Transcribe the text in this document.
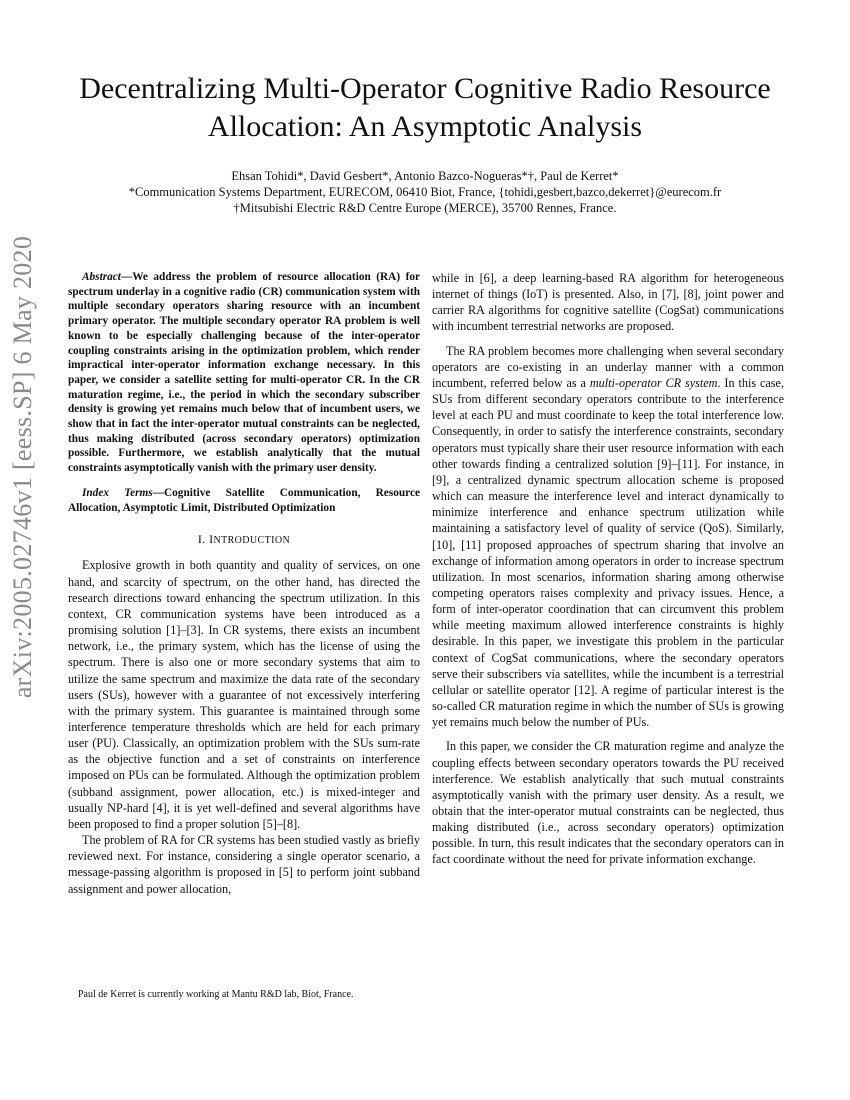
arXiv:2005.02746v1 [eess.SP] 6 May 2020
Decentralizing Multi-Operator Cognitive Radio Resource Allocation: An Asymptotic Analysis
Ehsan Tohidi*, David Gesbert*, Antonio Bazco-Nogueras*†, Paul de Kerret*
*Communication Systems Department, EURECOM, 06410 Biot, France, {tohidi,gesbert,bazco,dekerret}@eurecom.fr
†Mitsubishi Electric R&D Centre Europe (MERCE), 35700 Rennes, France.

Abstract—We address the problem of resource allocation (RA) for spectrum underlay in a cognitive radio (CR) communication system with multiple secondary operators sharing resource with an incumbent primary operator. The multiple secondary operator RA problem is well known to be especially challenging because of the inter-operator coupling constraints arising in the optimization problem, which render impractical inter-operator information exchange necessary. In this paper, we consider a satellite setting for multi-operator CR. In the CR maturation regime, i.e., the period in which the secondary subscriber density is growing yet remains much below that of incumbent users, we show that in fact the inter-operator mutual constraints can be neglected, thus making distributed (across secondary operators) optimization possible. Furthermore, we establish analytically that the mutual constraints asymptotically vanish with the primary user density.

Index Terms—Cognitive Satellite Communication, Resource Allocation, Asymptotic Limit, Distributed Optimization

I. INTRODUCTION

Explosive growth in both quantity and quality of services, on one hand, and scarcity of spectrum, on the other hand, has directed the research directions toward enhancing the spectrum utilization. In this context, CR communication systems have been introduced as a promising solution [1]–[3]. In CR systems, there exists an incumbent network, i.e., the primary system, which has the license of using the spectrum. There is also one or more secondary systems that aim to utilize the same spectrum and maximize the data rate of the secondary users (SUs), however with a guarantee of not excessively interfering with the primary system. This guarantee is maintained through some interference temperature thresholds which are held for each primary user (PU). Classically, an optimization problem with the SUs sum-rate as the objective function and a set of constraints on interference imposed on PUs can be formulated. Although the optimization problem (subband assignment, power allocation, etc.) is mixed-integer and usually NP-hard [4], it is yet well-defined and several algorithms have been proposed to find a proper solution [5]–[8].

The problem of RA for CR systems has been studied vastly as briefly reviewed next. For instance, considering a single operator scenario, a message-passing algorithm is proposed in [5] to perform joint subband assignment and power allocation,

while in [6], a deep learning-based RA algorithm for heterogeneous internet of things (IoT) is presented. Also, in [7], [8], joint power and carrier RA algorithms for cognitive satellite (CogSat) communications with incumbent terrestrial networks are proposed.

The RA problem becomes more challenging when several secondary operators are co-existing in an underlay manner with a common incumbent, referred below as a multi-operator CR system. In this case, SUs from different secondary operators contribute to the interference level at each PU and must coordinate to keep the total interference low. Consequently, in order to satisfy the interference constraints, secondary operators must typically share their user resource information with each other towards finding a centralized solution [9]–[11]. For instance, in [9], a centralized dynamic spectrum allocation scheme is proposed which can measure the interference level and interact dynamically to minimize interference and enhance spectrum utilization while maintaining a satisfactory level of quality of service (QoS). Similarly, [10], [11] proposed approaches of spectrum sharing that involve an exchange of information among operators in order to increase spectrum utilization. In most scenarios, information sharing among otherwise competing operators raises complexity and privacy issues. Hence, a form of inter-operator coordination that can circumvent this problem while meeting maximum allowed interference constraints is highly desirable. In this paper, we investigate this problem in the particular context of CogSat communications, where the secondary operators serve their subscribers via satellites, while the incumbent is a terrestrial cellular or satellite operator [12]. A regime of particular interest is the so-called CR maturation regime in which the number of SUs is growing yet remains much below the number of PUs.

In this paper, we consider the CR maturation regime and analyze the coupling effects between secondary operators towards the PU received interference. We establish analytically that such mutual constraints asymptotically vanish with the primary user density. As a result, we obtain that the inter-operator mutual constraints can be neglected, thus making distributed (i.e., across secondary operators) optimization possible. In turn, this result indicates that the secondary operators can in fact coordinate without the need for private information exchange.

Paul de Kerret is currently working at Mantu R&D lab, Biot, France.
